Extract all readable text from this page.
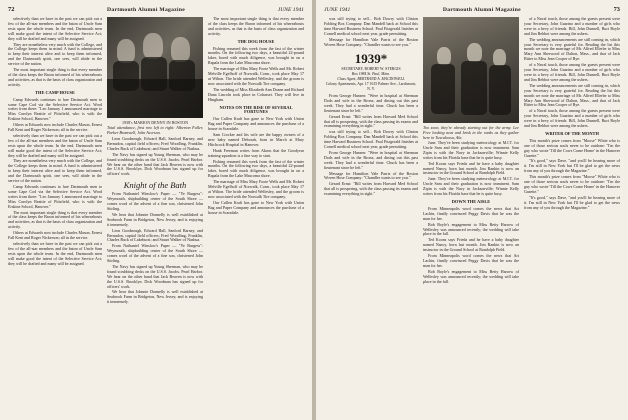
72	Dartmouth Alumni Magazine	JUNE 1941

selectively than we have in the past we can pick out a few of the all-star members and the baton of Uncle Sam rests upon the whole team. In the end, Dartmouth men will make good the intent of the Selective Service Act; they will be drafted and many will be assigned.

They are nonetheless very much with the College, and the College keeps them in mind. A fund is administered to keep their interest alive and to keep them informed, and the Dartmouth spirit, one sees, will abide in the service of the nation.

The most important single thing is that every member of the class keeps the Baron informed of his whereabouts and activities, as that is the basis of class organization and activity.

THE CAMP HOUSE

Camp Edwards continues to lure Dartmouth men to some Cape Cod via the Selective Service Act. Word writes from there: "Leo January 1 announced marriage to Miss Carolyn Beattie of Pittsfield, who is with the Erskine School, Hanover."

Others at Edwards now include Charles Mason, Ernest Fall Kent and Roger Nickerson; all in the service.

selectively than we have in the past we can pick out a few of the all-star members and the baton of Uncle Sam rests upon the whole team. In the end, Dartmouth men will make good the intent of the Selective Service Act; they will be drafted and many will be assigned.

They are nonetheless very much with the College, and the College keeps them in mind. A fund is administered to keep their interest alive and to keep them informed, and the Dartmouth spirit, one sees, will abide in the service of the nation.

Camp Edwards continues to lure Dartmouth men to some Cape Cod via the Selective Service Act. Word writes from there: "Leo January 1 announced marriage to Miss Carolyn Beattie of Pittsfield, who is with the Erskine School, Hanover."

The most important single thing is that every member of the class keeps the Baron informed of his whereabouts and activities, as that is the basis of class organization and activity.

Others at Edwards now include Charles Mason, Ernest Fall Kent and Roger Nickerson; all in the service.

selectively than we have in the past we can pick out a few of the all-star members and the baton of Uncle Sam rests upon the whole team. In the end, Dartmouth men will make good the intent of the Selective Service Act; they will be drafted and many will be assigned.

1938's MARION DENNY IN BOSTON
Total attendance, first row left to right: Alberton Fuller, Parker Bramwell, John Accrson.

Leon Goodnough, Edward Hall, Sanford Barney, and Bernadon, capital field officers; Fred Woodling, Franklin, Charles Buck of Lakehurst; and Stuart Walker of Nashua.

The Navy has signed up Young Sherman, who may be found scrubbing decks on the U.S.S. Jacobs. Pearl Harbor. We hear on the other hand that Jack Beaven is now with the U.S.S. Brooklyn. Dick Woodman has signed up for officers' work.

Knight of the Bath

From Nathaniel Winslow's Paper — "Ye Burgess": Weymouth, shipbuilding center of the South Shore — comes word of the advent of a fine son, christened John Stirling.

We hear that Johnnie Donnelly is well established at Seabrook Farm in Bridgeton, New Jersey, and is enjoying it immensely.

Leon Goodnough, Edward Hall, Sanford Barney, and Bernadon, capital field officers; Fred Woodling, Franklin, Charles Buck of Lakehurst; and Stuart Walker of Nashua.

From Nathaniel Winslow's Paper — "Ye Burgess": Weymouth, shipbuilding center of the South Shore — comes word of the advent of a fine son, christened John Stirling.

The Navy has signed up Young Sherman, who may be found scrubbing decks on the U.S.S. Jacobs. Pearl Harbor. We hear on the other hand that Jack Beaven is now with the U.S.S. Brooklyn. Dick Woodman has signed up for officers' work.

We hear that Johnnie Donnelly is well established at Seabrook Farm in Bridgeton, New Jersey, and is enjoying it immensely.

The most important single thing is that every member of the class keeps the Baron informed of his whereabouts and activities, as that is the basis of class organization and activity.

THE DOG HOUSE

Fishing resumed this week from the fast of the winter months. On the following two days, a beautiful 22-pound laker, bored with much diligence, was brought in on a Rapala from the Lake Mascoma shore.

The marriage of Miss Mary Foote Wells and Mr. Robert Melville Egelhoff of Norwalk, Conn., took place May 17 at Wilton. The bride attended Wellesley, and the groom is now associated with the Norwalk Tire company.

The wedding of Miss Elizabeth Ann Doane and Richard Dana Lincoln took place in Cohasset. They will live in Hingham.

NOTES ON THE RISE OF SEVERAL FORTUNES

Our Cullen Kraft has gone to New York with Union Bag and Paper Company and announces the purchase of a house in Scarsdale.

Sam Crocker and his wife are the happy owners of a new baby named Deborah, born in March at Mary Hitchcock Hospital in Hanover.

Hank Freeman writes from Akron that the Goodyear training squadron is a fine way to start.

Fishing resumed this week from the fast of the winter months. On the following two days, a beautiful 22-pound laker, bored with much diligence, was brought in on a Rapala from the Lake Mascoma shore.

The marriage of Miss Mary Foote Wells and Mr. Robert Melville Egelhoff of Norwalk, Conn., took place May 17 at Wilton. The bride attended Wellesley, and the groom is now associated with the Norwalk Tire company.

Our Cullen Kraft has gone to New York with Union Bag and Paper Company and announces the purchase of a house in Scarsdale.

JUNE 1941	Dartmouth Alumni Magazine	73

was still trying to sell... Bob Dowry with Clinton Folding Box Company. Dan Mandell back at School this time Harvard Business School. Paul Fitzgerald finishes at Cornell medical school next year, grade permitting.

Message for Hamilton Vale Parris of the Boston Woven Hose Company: "Chandler wants to see you."

1939*
SECRETARY, ROBERT W. STERGIS
Box 1984 St. Paul, Minn.
Class Agent, BERTRAND A. MACDOWELL
Colony Apartments, Apt. 17 1615 Palmer Ave., Larchmont, N. Y.

From George Hansen: "Were in hospital at Sherman Dods and wife in the Bronx, and dining out this past week. They had a wonderful time. Chuck has been a lieutenant since he left."

Gerard Ernst: "Bill writes from Harvard Med School that all is prospering, with the class passing its exams and examining everything in sight."

was still trying to sell... Bob Dowry with Clinton Folding Box Company. Dan Mandell back at School this time Harvard Business School. Paul Fitzgerald finishes at Cornell medical school next year, grade permitting.

From George Hansen: "Were in hospital at Sherman Dods and wife in the Bronx, and dining out this past week. They had a wonderful time. Chuck has been a lieutenant since he left."

Message for Hamilton Vale Parris of the Boston Woven Hose Company: "Chandler wants to see you."

Gerard Ernst: "Bill writes from Harvard Med School that all is prospering, with the class passing its exams and examining everything in sight."

Too soon, they're already starting out for the army. Lee Free looking neat and brisk in the ranks as they gather here in Tuscaloosa, Ala.

June. They've been studying meteorology at M.I.T. for Uncle Sam and their graduation is now imminent. Sam Zipin is with the Navy in Jacksonville; Winnie Kelly writes from his Florida base that he is quite busy.

Ted Koons says Frieda and he have a baby daughter named Nancy, born last month. Jim Rankin is now an instructor in the Ground School at Randolph Field.

June. They've been studying meteorology at M.I.T. for Uncle Sam and their graduation is now imminent. Sam Zipin is with the Navy in Jacksonville; Winnie Kelly writes from his Florida base that he is quite busy.

DOWN THE AISLE

From Minneapolis word comes the news that Art Lachin, finally convinced Peggy Davis that he was the man for her.

Bob Boyle's engagement to Miss Betty Harrow of Wellesley was announced recently; the wedding will take place in the fall.

Ted Koons says Frieda and he have a baby daughter named Nancy, born last month. Jim Rankin is now an instructor in the Ground School at Randolph Field.

From Minneapolis word comes the news that Art Lachin, finally convinced Peggy Davis that he was the man for her.

Bob Boyle's engagement to Miss Betty Harrow of Wellesley was announced recently; the wedding will take place in the fall.

of a Naval touch, those among the guests present were your Secretary, John Guarino and a number of girls who were in a bevy of friends. Bill, John Dunnell, Burt Boyle and Jim Rebbot were among the ushers.

The wedding announcements are still coming in, which your Secretary is very grateful for. Reading the list this month we note the marriage of Mr. Alfred Ellerbe to Miss Mary Ann Sherwood of Dalton, Mass., and that of Jack Bitter to Miss Jean Cooper of Rye.

of a Naval touch, those among the guests present were your Secretary, John Guarino and a number of girls who were in a bevy of friends. Bill, John Dunnell, Burt Boyle and Jim Rebbot were among the ushers.

The wedding announcements are still coming in, which your Secretary is very grateful for. Reading the list this month we note the marriage of Mr. Alfred Ellerbe to Miss Mary Ann Sherwood of Dalton, Mass., and that of Jack Bitter to Miss Jean Cooper of Rye.

of a Naval touch, those among the guests present were your Secretary, John Guarino and a number of girls who were in a bevy of friends. Bill, John Dunnell, Burt Boyle and Jim Rebbot were among the ushers.

WRITER OF THE MONTH

This month's prize comes from "Moose" White who is one of those serious souls never to be outdone: "I'm the guy who wrote 'Till the Cows Come Home' in the Hanover Gazette."

"It's good," says Dave, "and you'll be hearing more of it. I'm still in New York but I'll be glad to get the news from any of you through the Magazine."

This month's prize comes from "Moose" White who is one of those serious souls never to be outdone: "I'm the guy who wrote 'Till the Cows Come Home' in the Hanover Gazette."

"It's good," says Dave, "and you'll be hearing more of it. I'm still in New York but I'll be glad to get the news from any of you through the Magazine."
